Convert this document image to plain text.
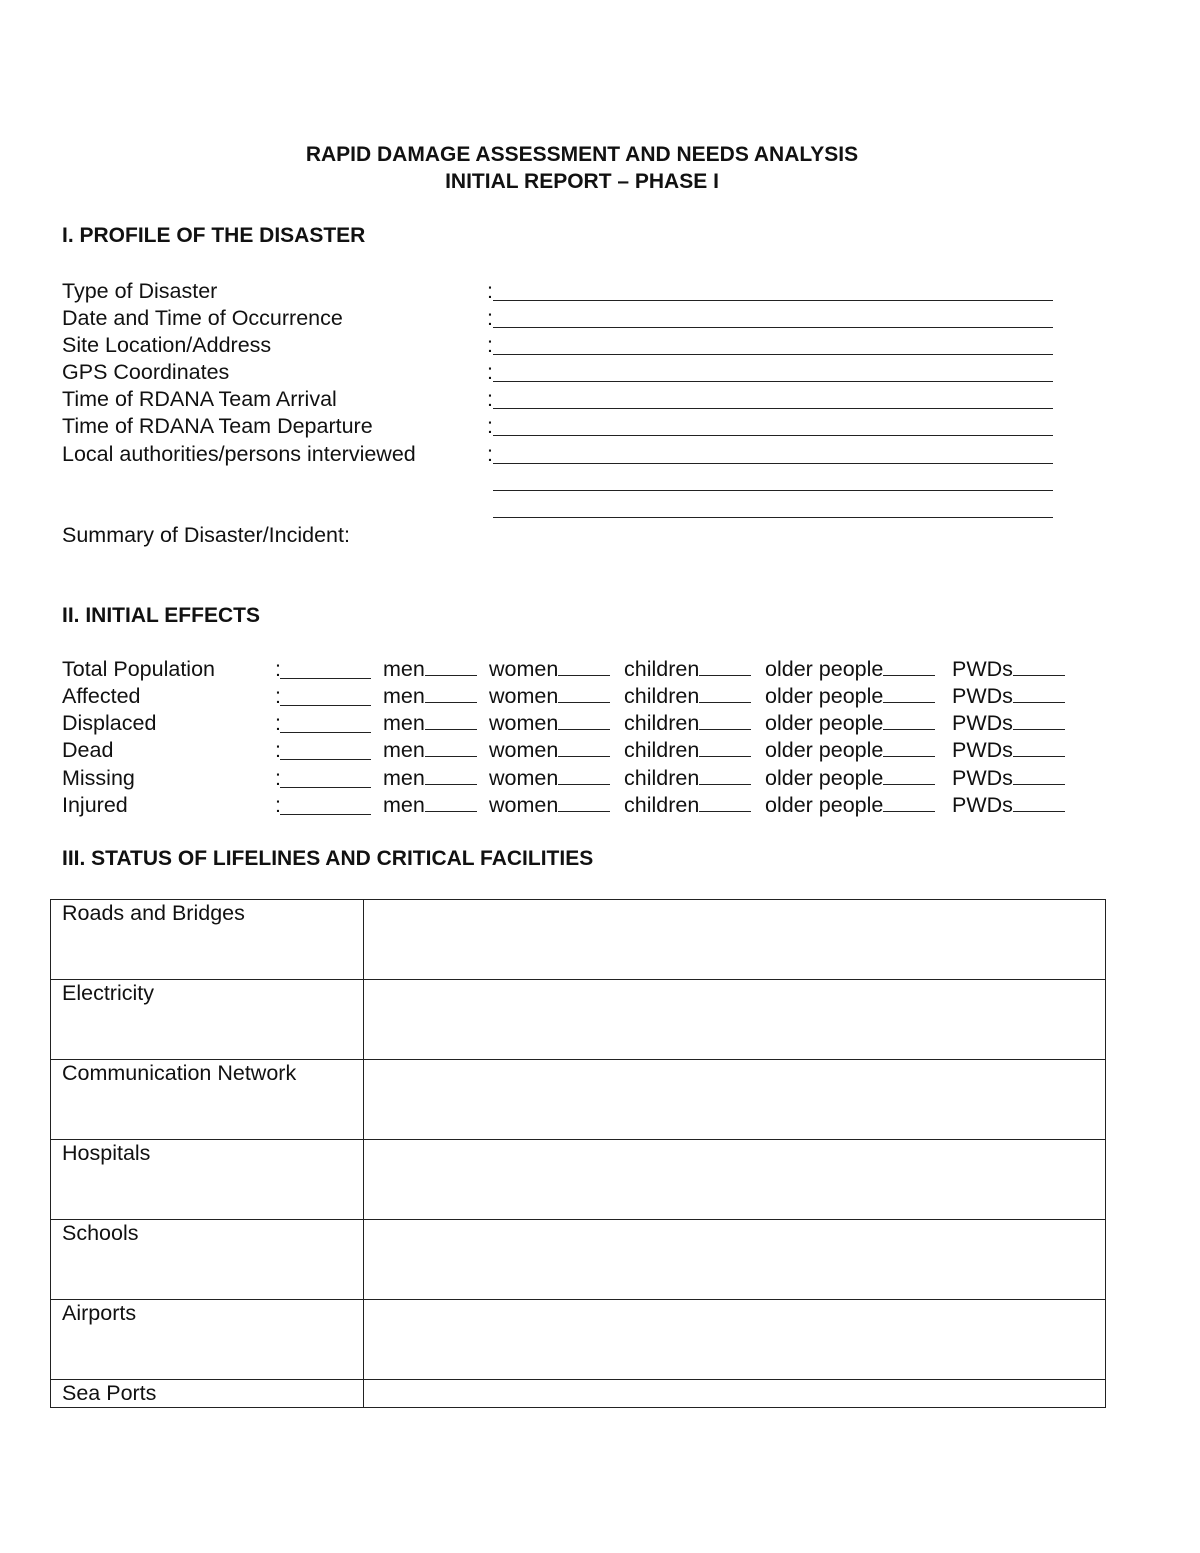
RAPID DAMAGE ASSESSMENT AND NEEDS ANALYSIS
INITIAL REPORT – PHASE I
I. PROFILE OF THE DISASTER
Type of Disaster	:
Date and Time of Occurrence	:
Site Location/Address	:
GPS Coordinates	:
Time of RDANA Team Arrival	:
Time of RDANA Team Departure	:
Local authorities/persons interviewed	:
Summary of Disaster/Incident:
II. INITIAL EFFECTS
Total Population	:	men	women	children	older people	PWDs
Affected	:	men	women	children	older people	PWDs
Displaced	:	men	women	children	older people	PWDs
Dead	:	men	women	children	older people	PWDs
Missing	:	men	women	children	older people	PWDs
Injured	:	men	women	children	older people	PWDs
III. STATUS OF LIFELINES AND CRITICAL FACILITIES
Roads and Bridges	
Electricity	
Communication Network	
Hospitals	
Schools	
Airports	
Sea Ports	
